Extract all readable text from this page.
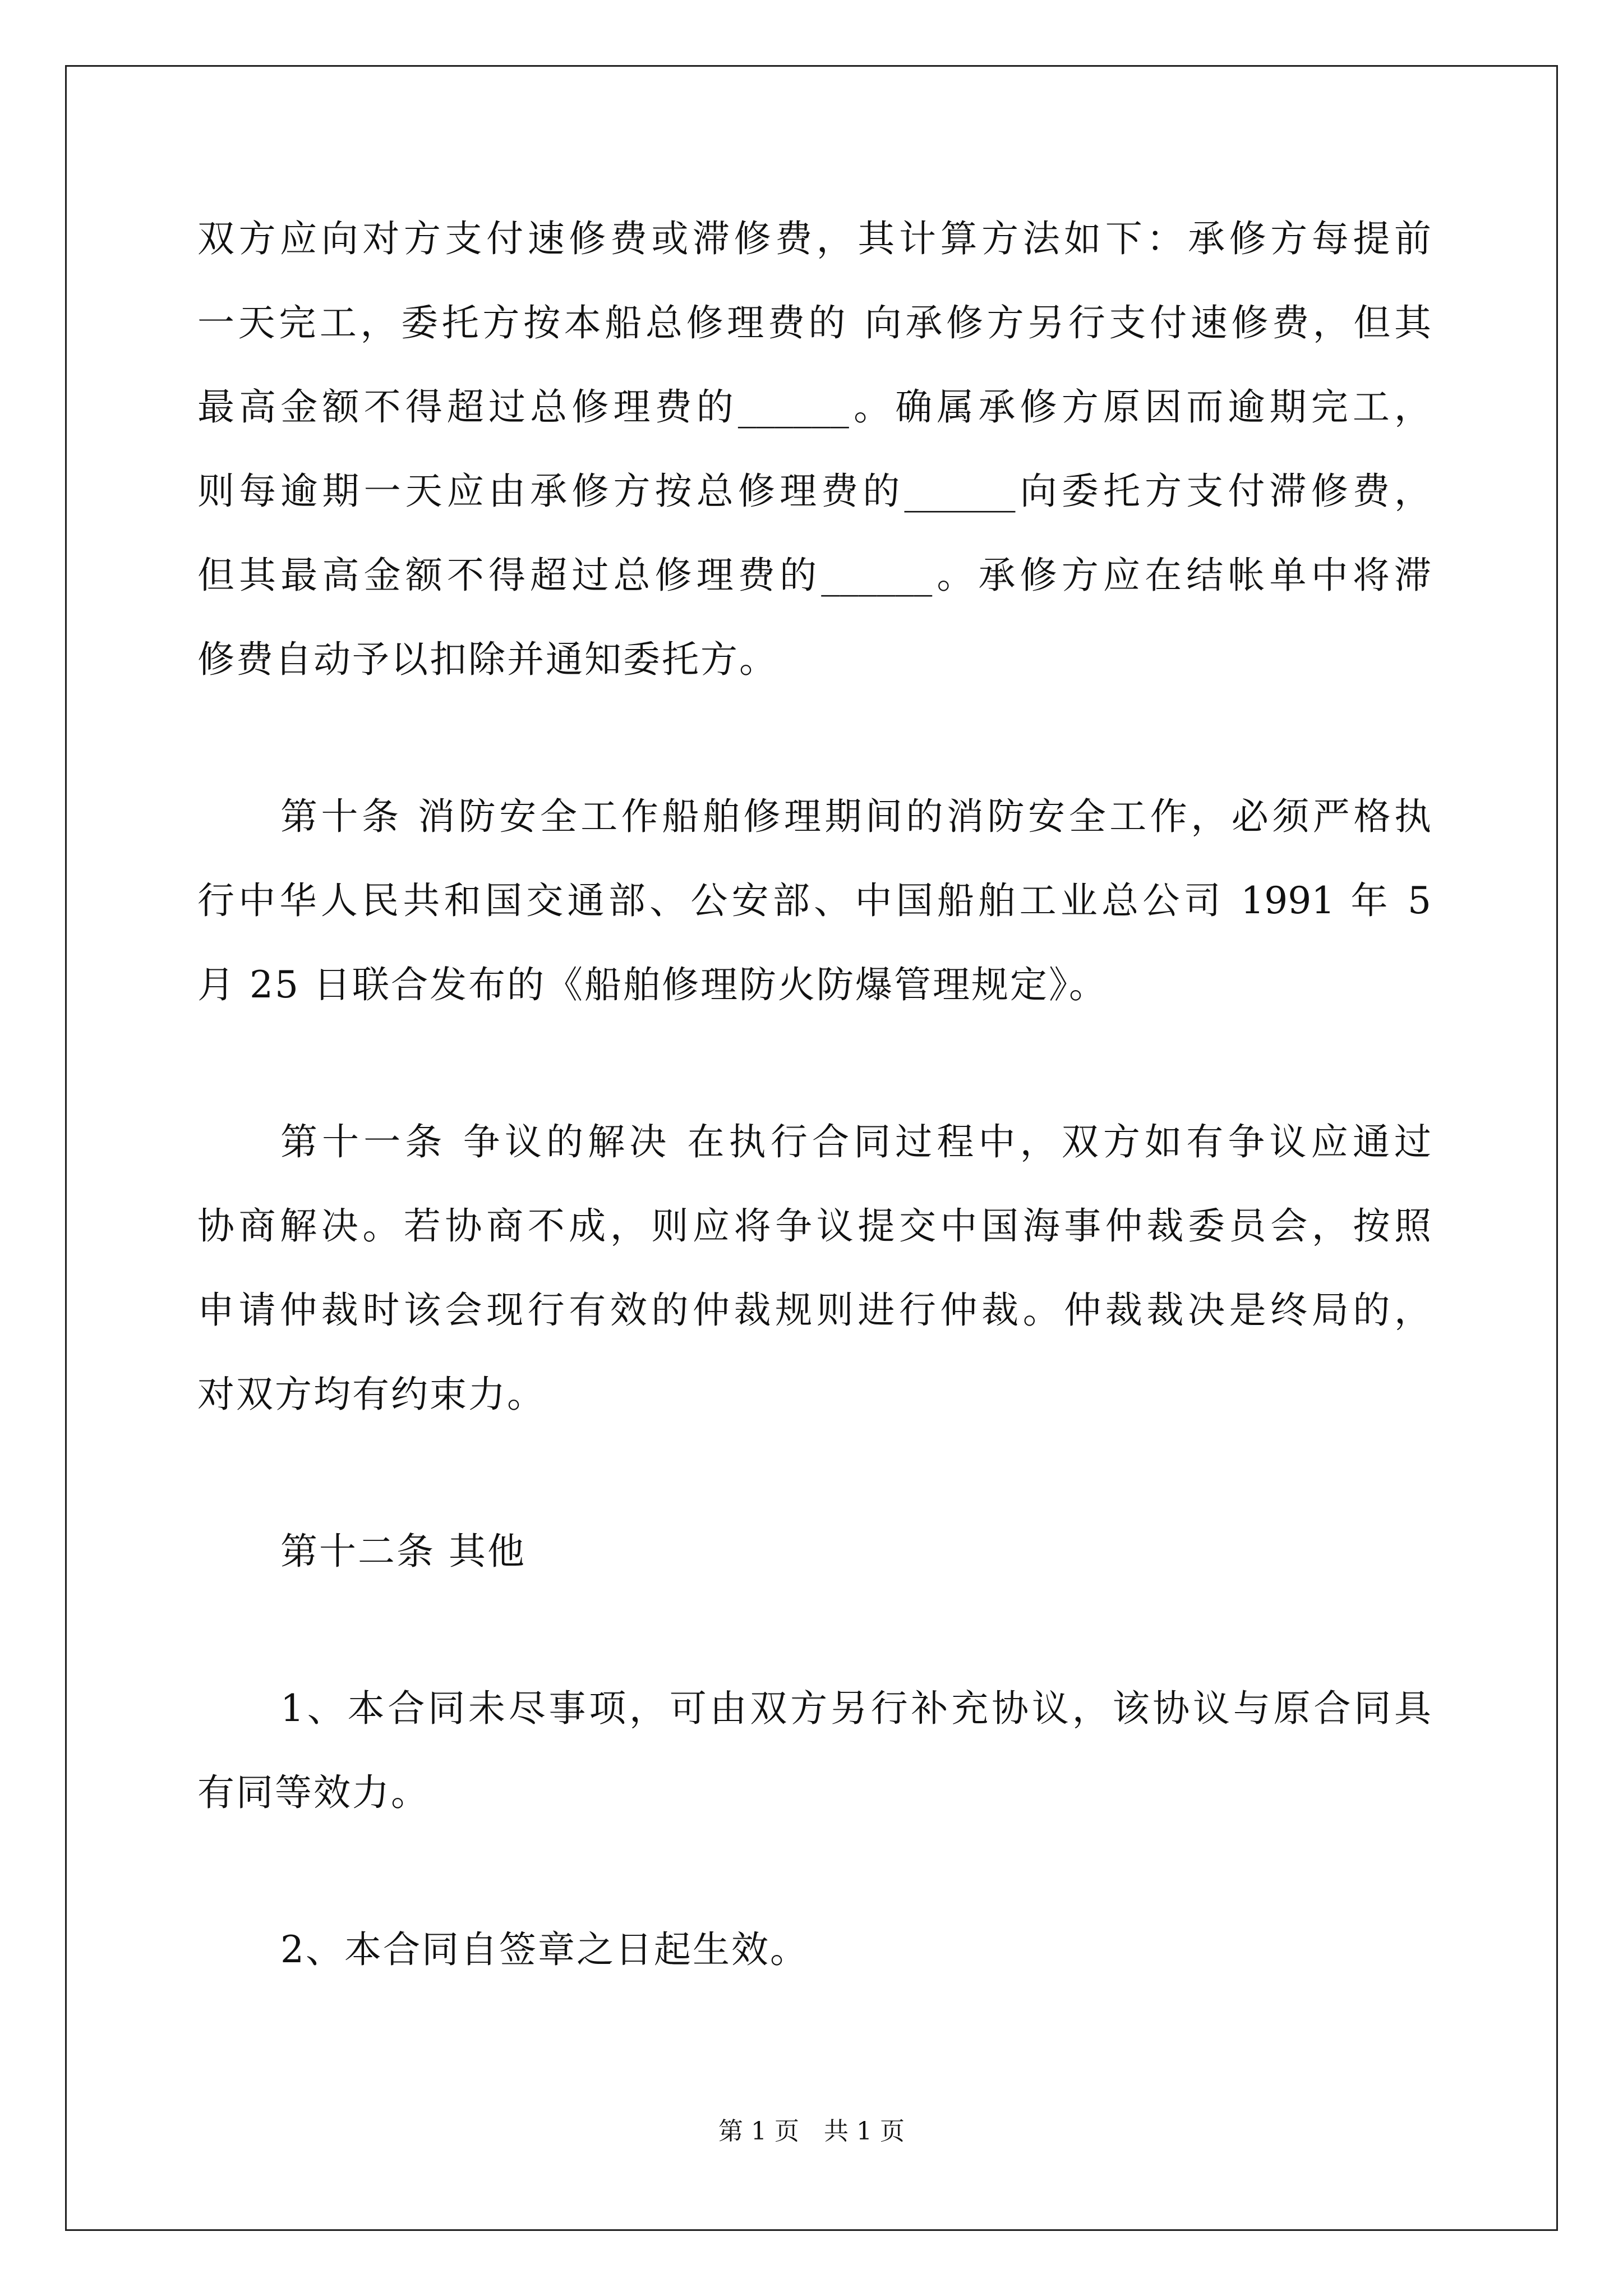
双方应向对方支付速修费或滞修费，其计算方法如下：承修方每提前
一天完工，委托方按本船总修理费的 向承修方另行支付速修费，但其
最高金额不得超过总修理费的______。确属承修方原因而逾期完工，
则每逾期一天应由承修方按总修理费的______向委托方支付滞修费，
但其最高金额不得超过总修理费的______。承修方应在结帐单中将滞
修费自动予以扣除并通知委托方。
第十条 消防安全工作船舶修理期间的消防安全工作，必须严格执
行中华人民共和国交通部、公安部、中国船舶工业总公司 1991 年 5
月 25 日联合发布的《船舶修理防火防爆管理规定》。
第十一条 争议的解决 在执行合同过程中，双方如有争议应通过
协商解决。若协商不成，则应将争议提交中国海事仲裁委员会，按照
申请仲裁时该会现行有效的仲裁规则进行仲裁。仲裁裁决是终局的，
对双方均有约束力。
第十二条 其他
1、本合同未尽事项，可由双方另行补充协议，该协议与原合同具
有同等效力。
2、本合同自签章之日起生效。
第 1 页　共 1 页
